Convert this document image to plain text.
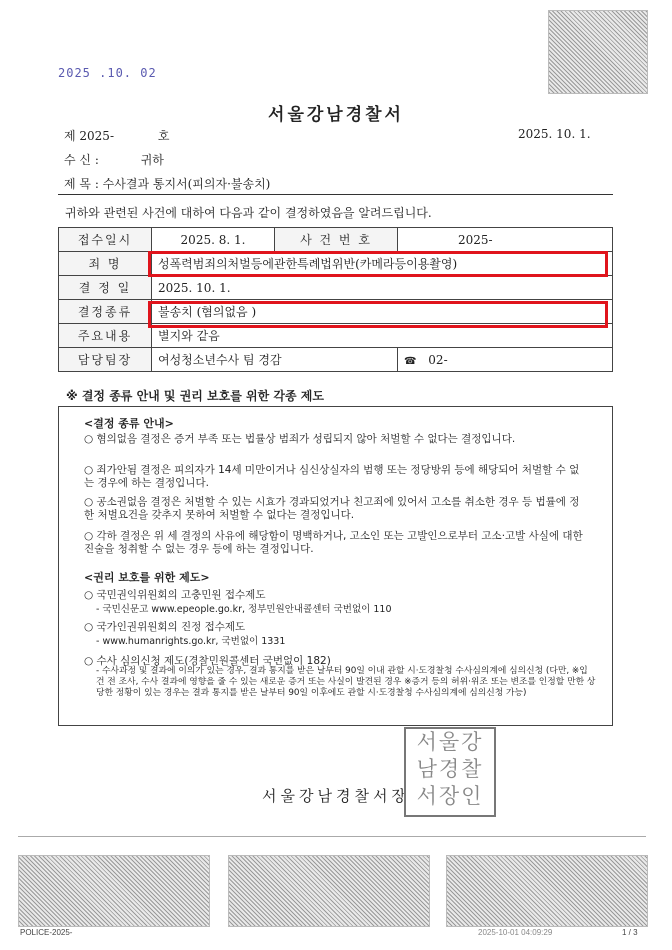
2025 .10. 02
서울강남경찰서
제 2025-	호	2025. 10. 1.
수 신 :	귀하
제 목 : 수사결과 통지서(피의자·불송치)
귀하와 관련된 사건에 대하여 다음과 같이 결정하였음을 알려드립니다.
접수일시	2025. 8. 1.	사 건 번 호	2025-
죄 명	성폭력범죄의처벌등에관한특례법위반(카메라등이용촬영)		
결 정 일	2025. 10. 1.		
결정종류	불송치 (혐의없음 )		
주요내용	별지와 같음		
담당팀장	여성청소년수사 팀 경감		☎ 02-
※ 결정 종류 안내 및 권리 보호를 위한 각종 제도
<결정 종류 안내>
○ 혐의없음 결정은 증거 부족 또는 법률상 범죄가 성립되지 않아 처벌할 수 없다는 결정입니다.
○ 죄가안됨 결정은 피의자가 14세 미만이거나 심신상실자의 범행 또는 정당방위 등에 해당되어 처벌할 수 없는 경우에 하는 결정입니다.
○ 공소권없음 결정은 처벌할 수 있는 시효가 경과되었거나 친고죄에 있어서 고소를 취소한 경우 등 법률에 정한 처벌요건을 갖추지 못하여 처벌할 수 없다는 결정입니다.
○ 각하 결정은 위 세 결정의 사유에 해당함이 명백하거나, 고소인 또는 고발인으로부터 고소·고발 사실에 대한 진술을 청취할 수 없는 경우 등에 하는 결정입니다.
<권리 보호를 위한 제도>
○ 국민권익위원회의 고충민원 접수제도
- 국민신문고 www.epeople.go.kr, 정부민원안내콜센터 국번없이 110
○ 국가인권위원회의 진정 접수제도
- www.humanrights.go.kr, 국번없이 1331
○ 수사 심의신청 제도(경찰민원콜센터 국번없이 182)
- 수사과정 및 결과에 이의가 있는 경우, 결과 통지를 받은 날부터 90일 이내 관할 시·도경찰청 수사심의계에 심의신청 (다만, ※입건 전 조사, 수사 결과에 영향을 줄 수 있는 새로운 증거 또는 사실이 발견된 경우 ※증거 등의 허위·위조 또는 변조를 인정할 만한 상당한 정황이 있는 경우는 결과 통지를 받은 날부터 90일 이후에도 관할 시·도경찰청 수사심의계에 심의신청 가능)
서울강남경찰서장
서울강
남경찰
서장인
POLICE-2025-	2025-10-01 04:09:29	1 / 3
